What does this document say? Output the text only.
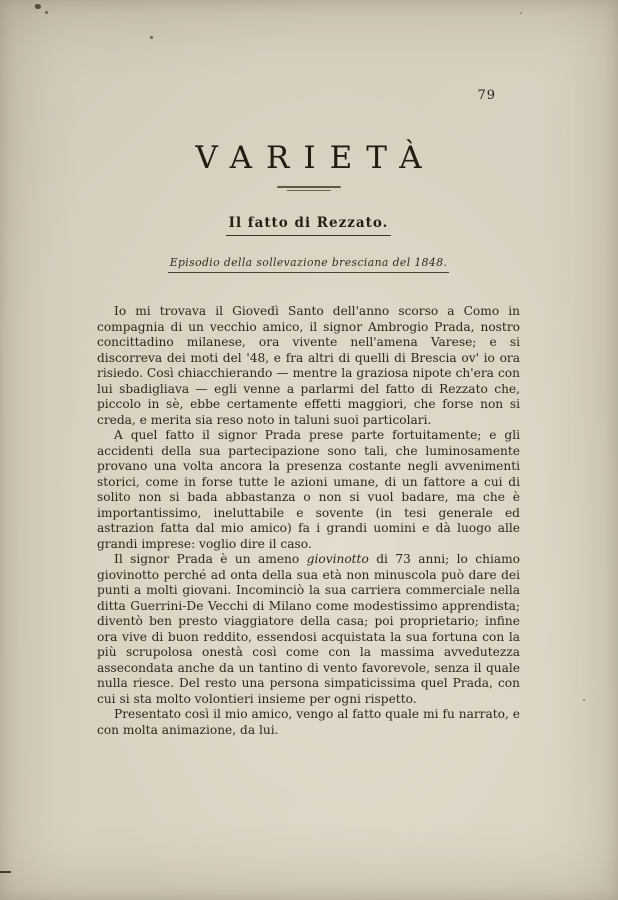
79
VARIETÀ
Il fatto di Rezzato.
Episodio della sollevazione bresciana del 1848.

Io mi trovava il Giovedì Santo dell'anno scorso a Como in compagnia di un vecchio amico, il signor Ambrogio Prada, nostro concittadino milanese, ora vivente nell'amena Varese; e si discorreva dei moti del '48, e fra altri di quelli di Brescia ov' io ora risiedo. Così chiacchierando — mentre la graziosa nipote ch'era con lui sbadigliava — egli venne a parlarmi del fatto di Rezzato che, piccolo in sè, ebbe certamente effetti maggiori, che forse non si creda, e merita sia reso noto in taluni suoi particolari.

A quel fatto il signor Prada prese parte fortuitamente; e gli accidenti della sua partecipazione sono tali, che luminosamente provano una volta ancora la presenza costante negli avvenimenti storici, come in forse tutte le azioni umane, di un fattore a cui di solito non si bada abbastanza o non si vuol badare, ma che è importantissimo, ineluttabile e sovente (in tesi generale ed astrazion fatta dal mio amico) fa i grandi uomini e dà luogo alle grandi imprese: voglio dire il caso.

Il signor Prada è un ameno giovinotto di 73 anni; lo chiamo giovinotto perché ad onta della sua età non minuscola può dare dei punti a molti giovani. Incominciò la sua carriera commerciale nella ditta Guerrini-De Vecchi di Milano come modestissimo apprendista; diventò ben presto viaggiatore della casa; poi proprietario; infine ora vive di buon reddito, essendosi acquistata la sua fortuna con la più scrupolosa onestà così come con la massima avvedutezza assecondata anche da un tantino di vento favorevole, senza il quale nulla riesce. Del resto una persona simpaticissima quel Prada, con cui si sta molto volontieri insieme per ogni rispetto.

Presentato così il mio amico, vengo al fatto quale mi fu narrato, e con molta animazione, da lui.
